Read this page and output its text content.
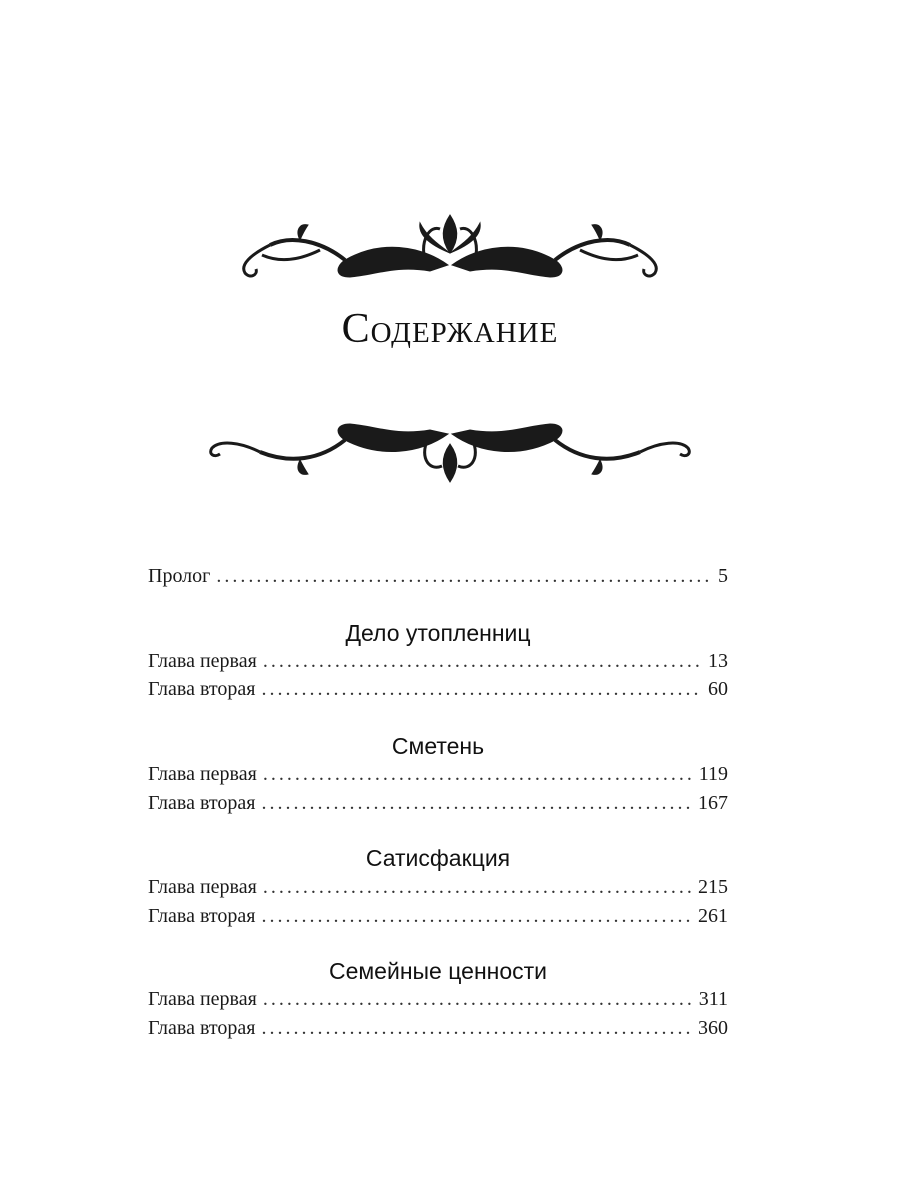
Содержание
Пролог .....	5
Дело утопленниц
Глава первая .....	13
Глава вторая .....	60
Сметень
Глава первая .....	119
Глава вторая .....	167
Сатисфакция
Глава первая .....	215
Глава вторая .....	261
Семейные ценности
Глава первая .....	311
Глава вторая .....	360
